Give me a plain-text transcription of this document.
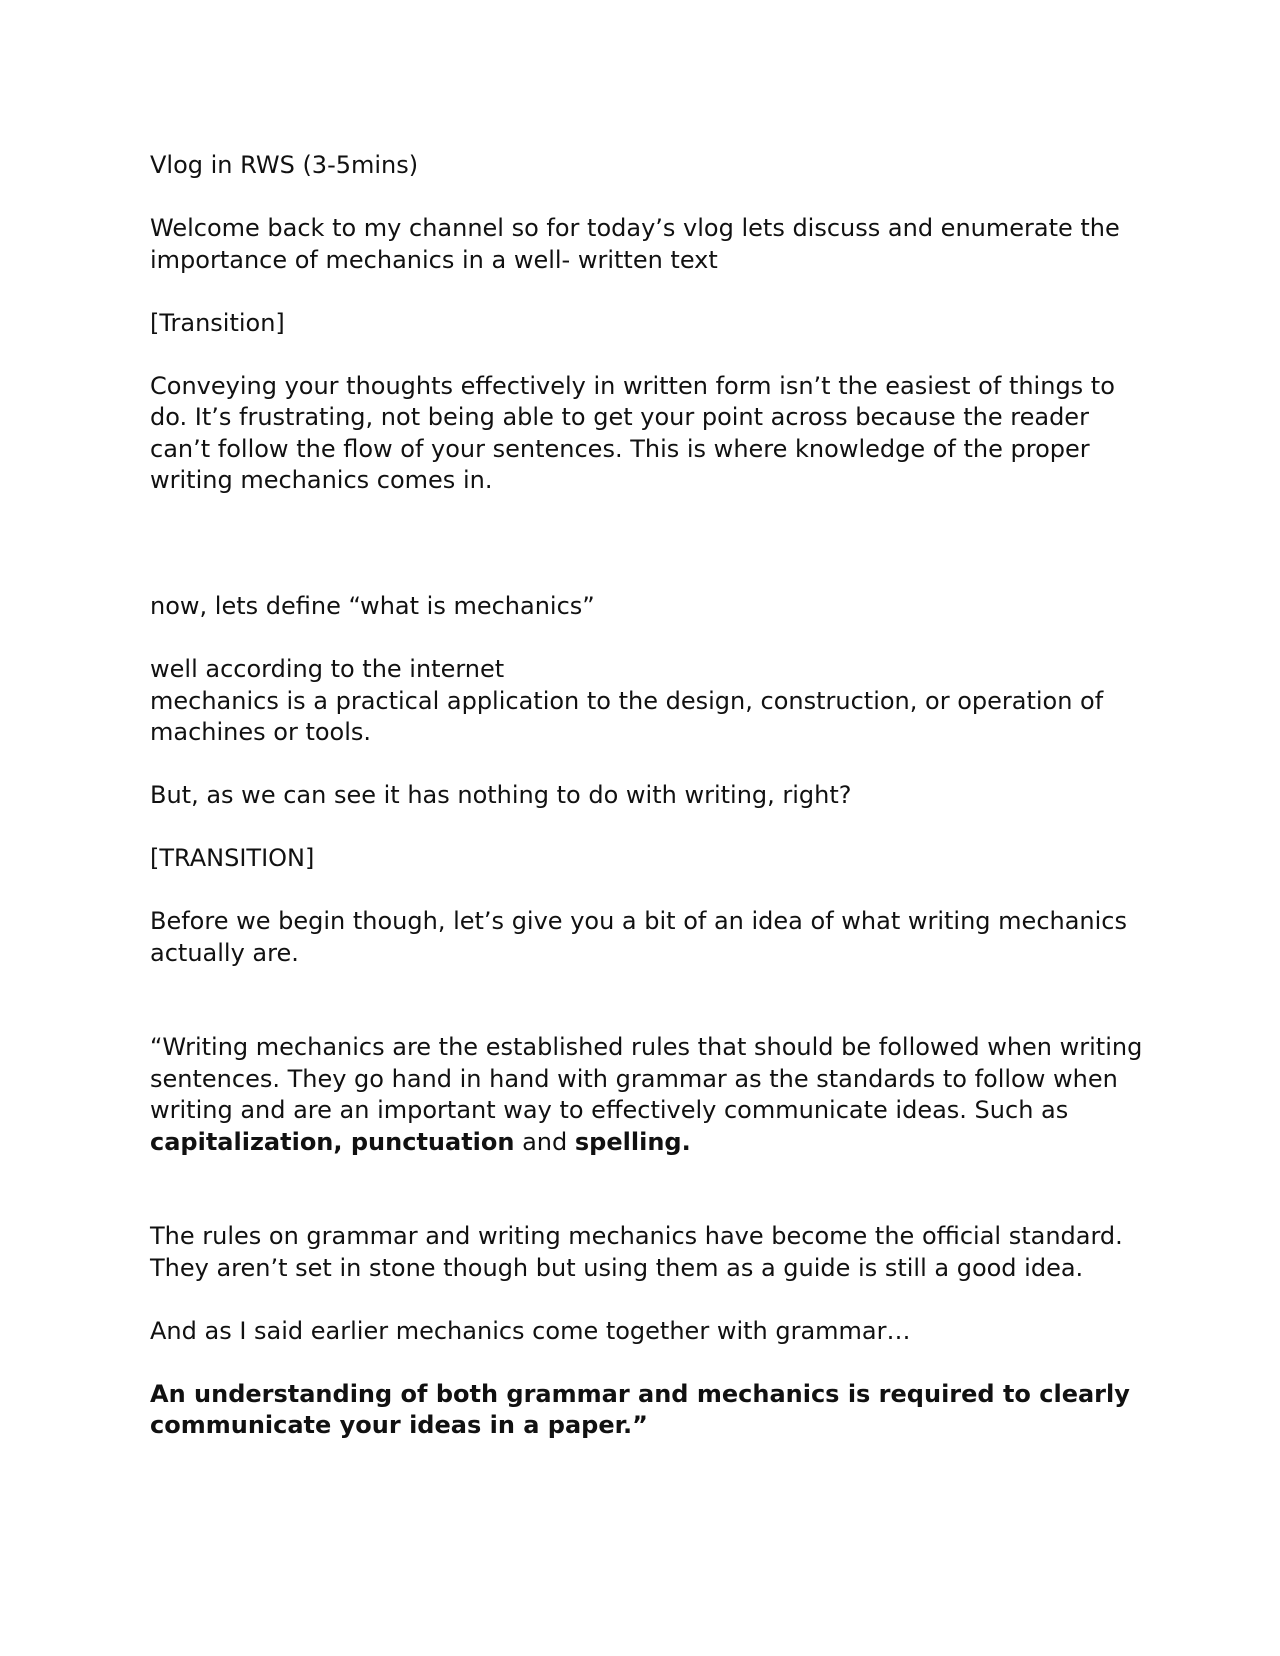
Vlog in RWS (3-5mins)

Welcome back to my channel so for today’s vlog lets discuss and enumerate the importance of mechanics in a well- written text

[Transition]

Conveying your thoughts effectively in written form isn’t the easiest of things to do. It’s frustrating, not being able to get your point across because the reader can’t follow the flow of your sentences. This is where knowledge of the proper writing mechanics comes in.

now, lets define “what is mechanics”

well according to the internet

mechanics is a practical application to the design, construction, or operation of machines or tools.

But, as we can see it has nothing to do with writing, right?

[TRANSITION]

Before we begin though, let’s give you a bit of an idea of what writing mechanics actually are.

“Writing mechanics are the established rules that should be followed when writing sentences. They go hand in hand with grammar as the standards to follow when writing and are an important way to effectively communicate ideas. Such as capitalization, punctuation and spelling.

The rules on grammar and writing mechanics have become the official standard. They aren’t set in stone though but using them as a guide is still a good idea.

And as I said earlier mechanics come together with grammar…

An understanding of both grammar and mechanics is required to clearly communicate your ideas in a paper.”
